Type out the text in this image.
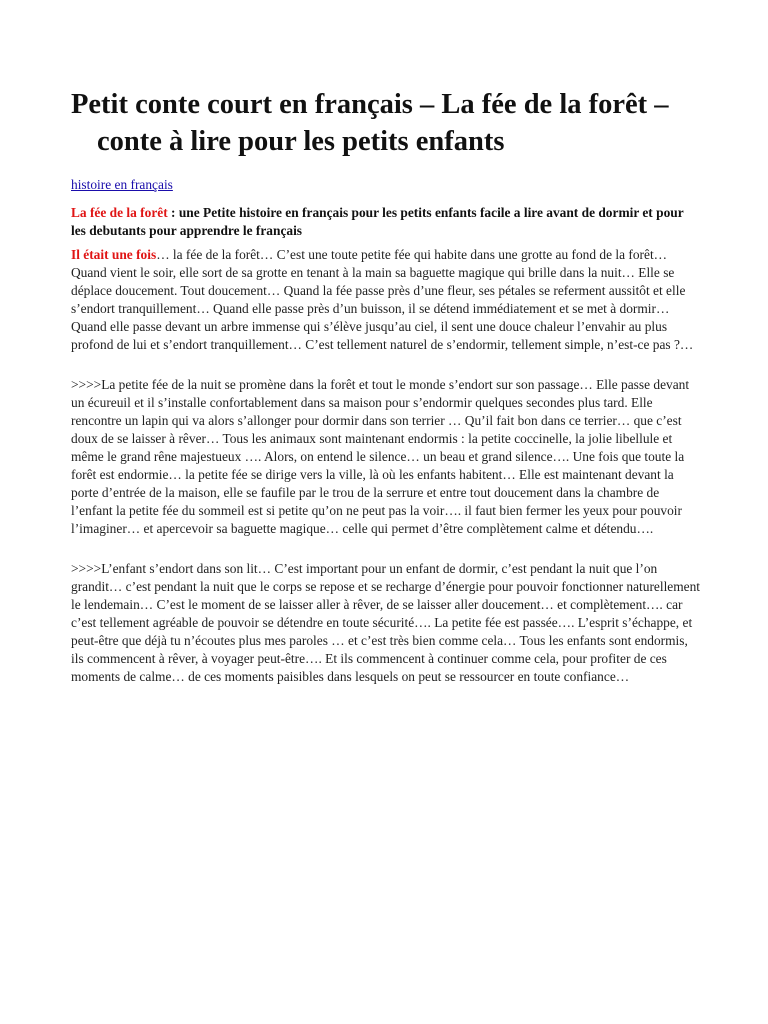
Petit conte court en français – La fée de la forêt – conte à lire pour les petits enfants
histoire en français
La fée de la forêt : une Petite histoire en français pour les petits enfants facile a lire avant de dormir et pour les debutants pour apprendre le français

Il était une fois… la fée de la forêt… C’est une toute petite fée qui habite dans une grotte au fond de la forêt… Quand vient le soir, elle sort de sa grotte en tenant à la main sa baguette magique qui brille dans la nuit… Elle se déplace doucement. Tout doucement… Quand la fée passe près d’une fleur, ses pétales se referment aussitôt et elle s’endort tranquillement… Quand elle passe près d’un buisson, il se détend immédiatement et se met à dormir… Quand elle passe devant un arbre immense qui s’élève jusqu’au ciel, il sent une douce chaleur l’envahir au plus profond de lui et s’endort tranquillement… C’est tellement naturel de s’endormir, tellement simple, n’est-ce pas ?…

>>>>La petite fée de la nuit se promène dans la forêt et tout le monde s’endort sur son passage… Elle passe devant un écureuil et il s’installe confortablement dans sa maison pour s’endormir quelques secondes plus tard. Elle rencontre un lapin qui va alors s’allonger pour dormir dans son terrier … Qu’il fait bon dans ce terrier… que c’est doux de se laisser à rêver… Tous les animaux sont maintenant endormis : la petite coccinelle, la jolie libellule et même le grand rêne majestueux …. Alors, on entend le silence… un beau et grand silence…. Une fois que toute la forêt est endormie… la petite fée se dirige vers la ville, là où les enfants habitent… Elle est maintenant devant la porte d’entrée de la maison, elle se faufile par le trou de la serrure et entre tout doucement dans la chambre de l’enfant la petite fée du sommeil est si petite qu’on ne peut pas la voir…. il faut bien fermer les yeux pour pouvoir l’imaginer… et apercevoir sa baguette magique… celle qui permet d’être complètement calme et détendu….

>>>>L’enfant s’endort dans son lit… C’est important pour un enfant de dormir, c’est pendant la nuit que l’on grandit… c’est pendant la nuit que le corps se repose et se recharge d’énergie pour pouvoir fonctionner naturellement le lendemain… C’est le moment de se laisser aller à rêver, de se laisser aller doucement… et complètement…. car c’est tellement agréable de pouvoir se détendre en toute sécurité…. La petite fée est passée…. L’esprit s’échappe, et peut-être que déjà tu n’écoutes plus mes paroles … et c’est très bien comme cela… Tous les enfants sont endormis, ils commencent à rêver, à voyager peut-être…. Et ils commencent à continuer comme cela, pour profiter de ces moments de calme… de ces moments paisibles dans lesquels on peut se ressourcer en toute confiance…
